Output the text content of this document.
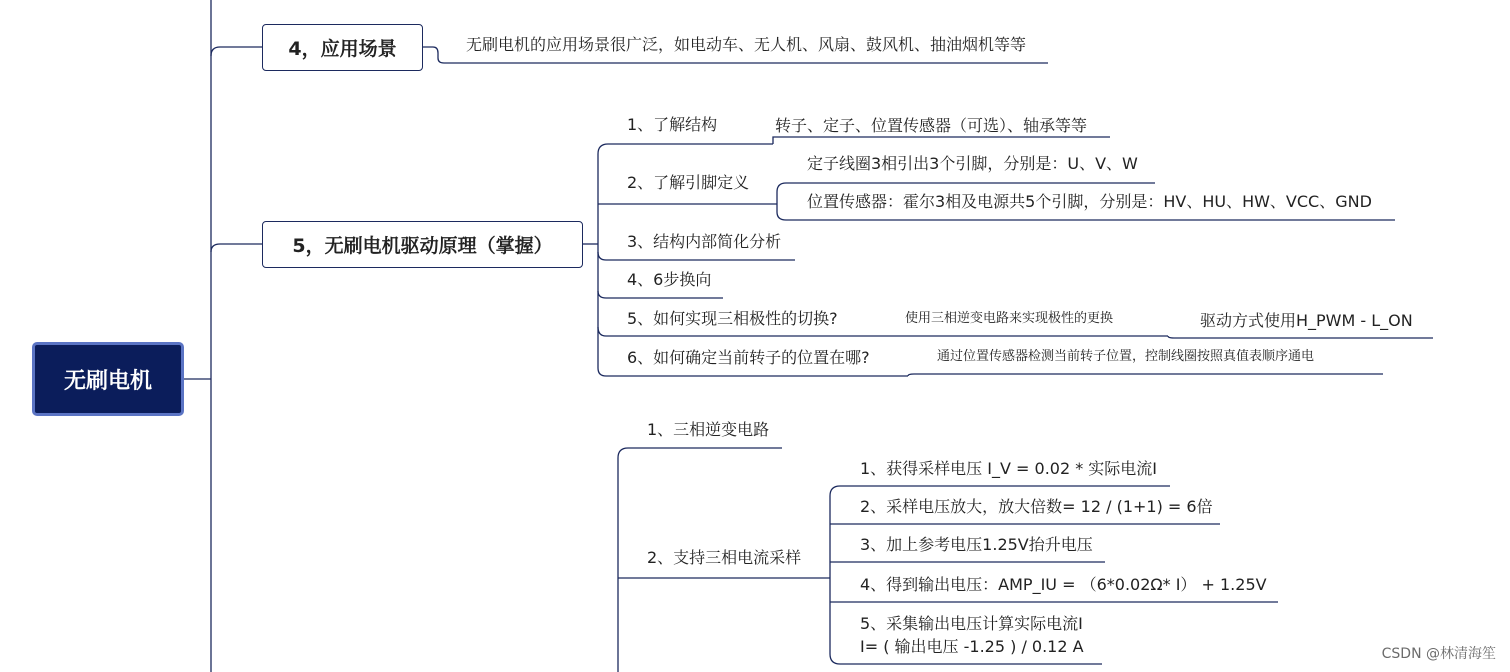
无刷电机
4，应用场景	无刷电机的应用场景很广泛，如电动车、无人机、风扇、鼓风机、抽油烟机等等
5，无刷电机驱动原理（掌握）
1、了解结构	转子、定子、位置传感器（可选）、轴承等等
2、了解引脚定义
定子线圈3相引出3个引脚，分别是：U、V、W
位置传感器：霍尔3相及电源共5个引脚，分别是：HV、HU、HW、VCC、GND
3、结构内部简化分析
4、6步换向
5、如何实现三相极性的切换?	使用三相逆变电路来实现极性的更换	驱动方式使用H_PWM - L_ON
6、如何确定当前转子的位置在哪?	通过位置传感器检测当前转子位置，控制线圈按照真值表顺序通电
1、三相逆变电路
2、支持三相电流采样
1、获得采样电压 I_V = 0.02 * 实际电流I
2、采样电压放大，放大倍数= 12 / (1+1) = 6倍
3、加上参考电压1.25V抬升电压
4、得到输出电压：AMP_IU = （6*0.02Ω* I） + 1.25V
5、采集输出电压计算实际电流I
I= ( 输出电压 -1.25 ) / 0.12 A	CSDN @林清海笙
